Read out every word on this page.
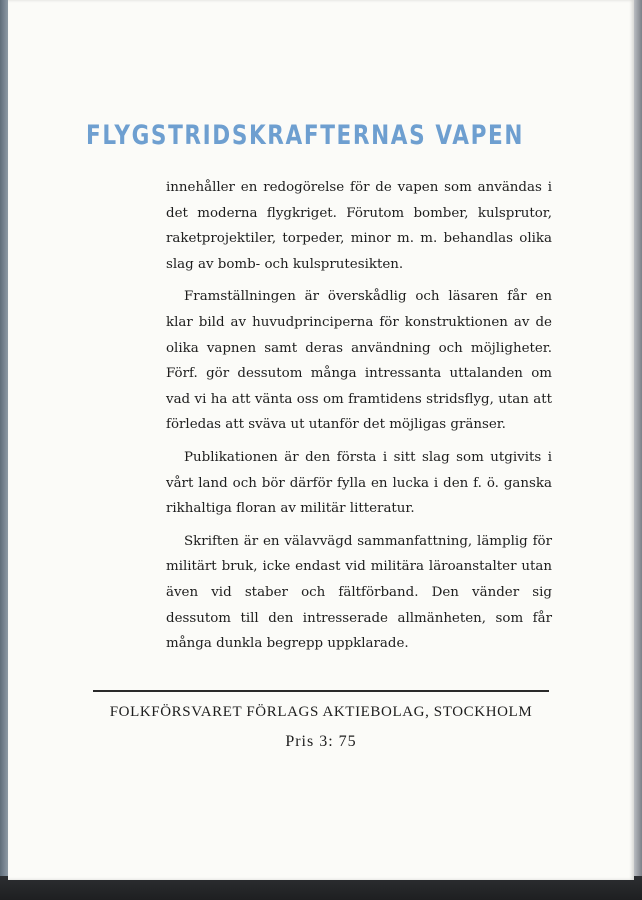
FLYGSTRIDSKRAFTERNAS VAPEN

innehåller en redogörelse för de vapen som användas i det moderna flygkriget. Förutom bomber, kulsprutor, raketprojektiler, torpeder, minor m. m. behandlas olika slag av bomb- och kulsprutesikten.

Framställningen är överskådlig och läsaren får en klar bild av huvudprinciperna för konstruktionen av de olika vapnen samt deras användning och möjligheter. Förf. gör dessutom många intressanta uttalanden om vad vi ha att vänta oss om framtidens stridsflyg, utan att förledas att sväva ut utanför det möjligas gränser.

Publikationen är den första i sitt slag som utgivits i vårt land och bör därför fylla en lucka i den f. ö. ganska rikhaltiga floran av militär litteratur.

Skriften är en välavvägd sammanfattning, lämplig för militärt bruk, icke endast vid militära läroanstalter utan även vid staber och fältförband. Den vänder sig dessutom till den intresserade allmänheten, som får många dunkla begrepp uppklarade.

FOLKFÖRSVARET FÖRLAGS AKTIEBOLAG, STOCKHOLM
Pris 3: 75
